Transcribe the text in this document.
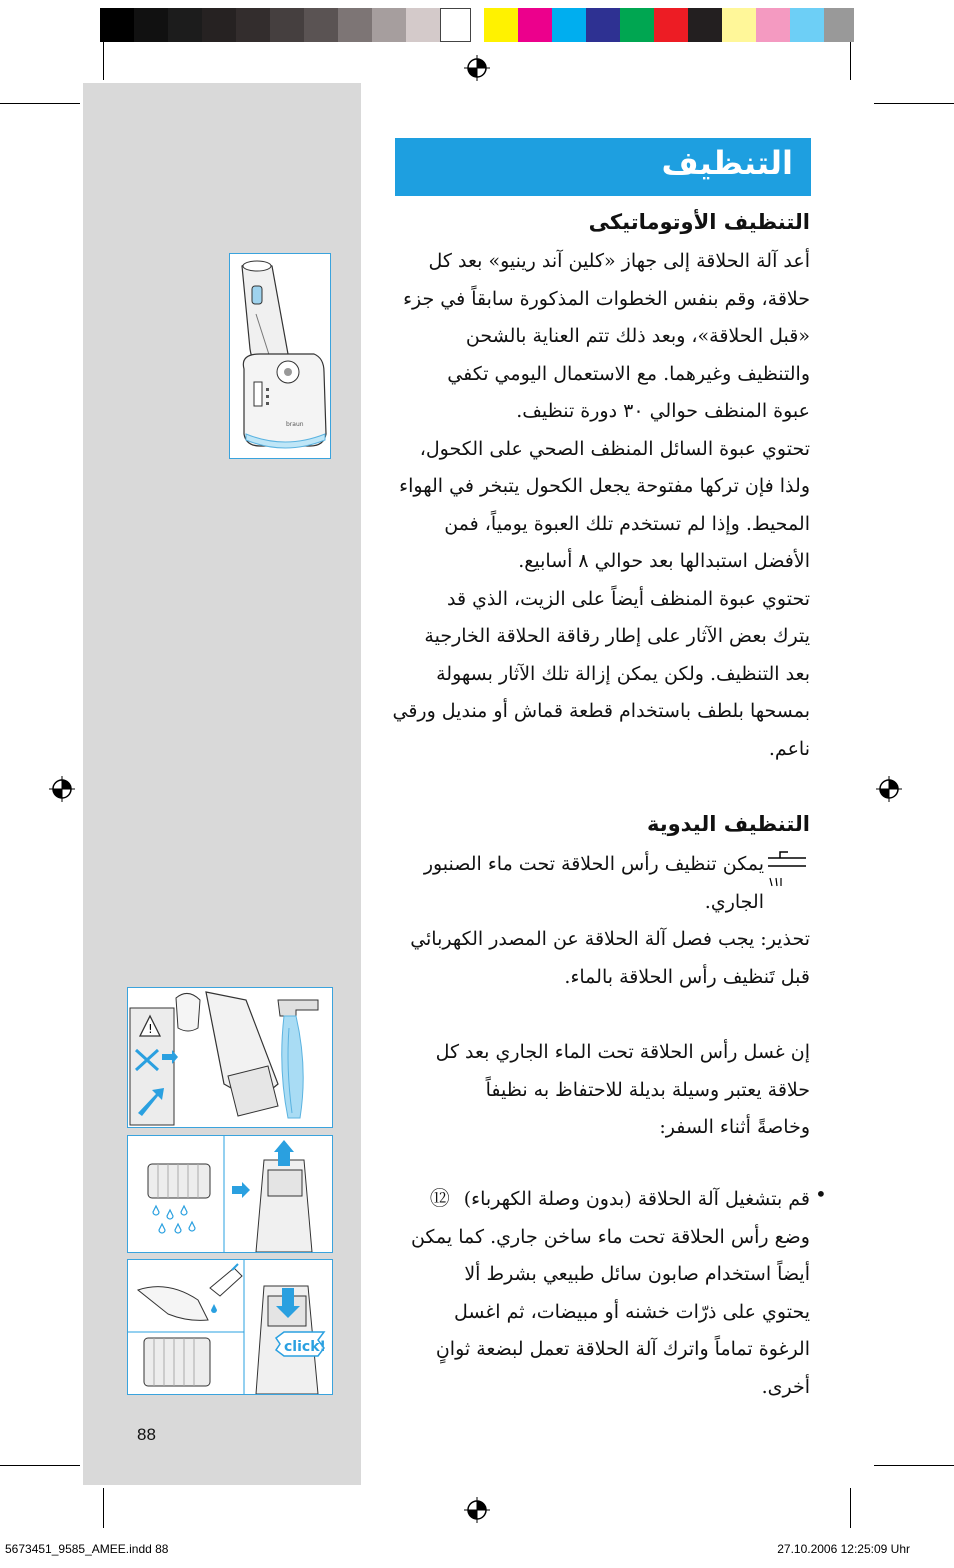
braun
!
click!
التنظيف
التنظيف الأوتوماتيكى
أعد آلة الحلاقة إلى جهاز «كلين آند رينيو» بعد كل
حلاقة، وقم بنفس الخطوات المذكورة سابقاً في جزء
«قبل الحلاقة»، وبعد ذلك تتم العناية بالشحن
والتنظيف وغيرهما. مع الاستعمال اليومي تكفي
عبوة المنظف حوالي ٣٠ دورة تنظيف.
تحتوي عبوة السائل المنظف الصحي على الكحول،
ولذا فإن تركها مفتوحة يجعل الكحول يتبخر في الهواء
المحيط. وإذا لم تستخدم تلك العبوة يومياً، فمن
الأفضل استبدالها بعد حوالي ٨ أسابيع.
تحتوي عبوة المنظف أيضاً على الزيت، الذي قد
يترك بعض الآثار على إطار رقاقة الحلاقة الخارجية
بعد التنظيف. ولكن يمكن إزالة تلك الآثار بسهولة
بمسحها بلطف باستخدام قطعة قماش أو منديل ورقي
ناعم.
التنظيف اليدوية
يمكن تنظيف رأس الحلاقة تحت ماء الصنبور
الجاري.
تحذير: يجب فصل آلة الحلاقة عن المصدر الكهربائي
قبل تَنظيف رأس الحلاقة بالماء.
إن غسل رأس الحلاقة تحت الماء الجاري بعد كل
حلاقة يعتبر وسيلة بديلة للاحتفاظ به نظيفاً
وخاصةً أثناء السفر:
•
قم بتشغيل آلة الحلاقة (بدون وصلة الكهرباء) ⑫
وضع رأس الحلاقة تحت ماء ساخن جاري. كما يمكن
أيضاً استخدام صابون سائل طبيعي بشرط ألا
يحتوي على ذرّات خشنه أو مبيضات، ثم اغسل
الرغوة تماماً واترك آلة الحلاقة تعمل لبضعة ثوانٍ
أخرى.
88
5673451_9585_AMEE.indd 88	27.10.2006 12:25:09 Uhr
